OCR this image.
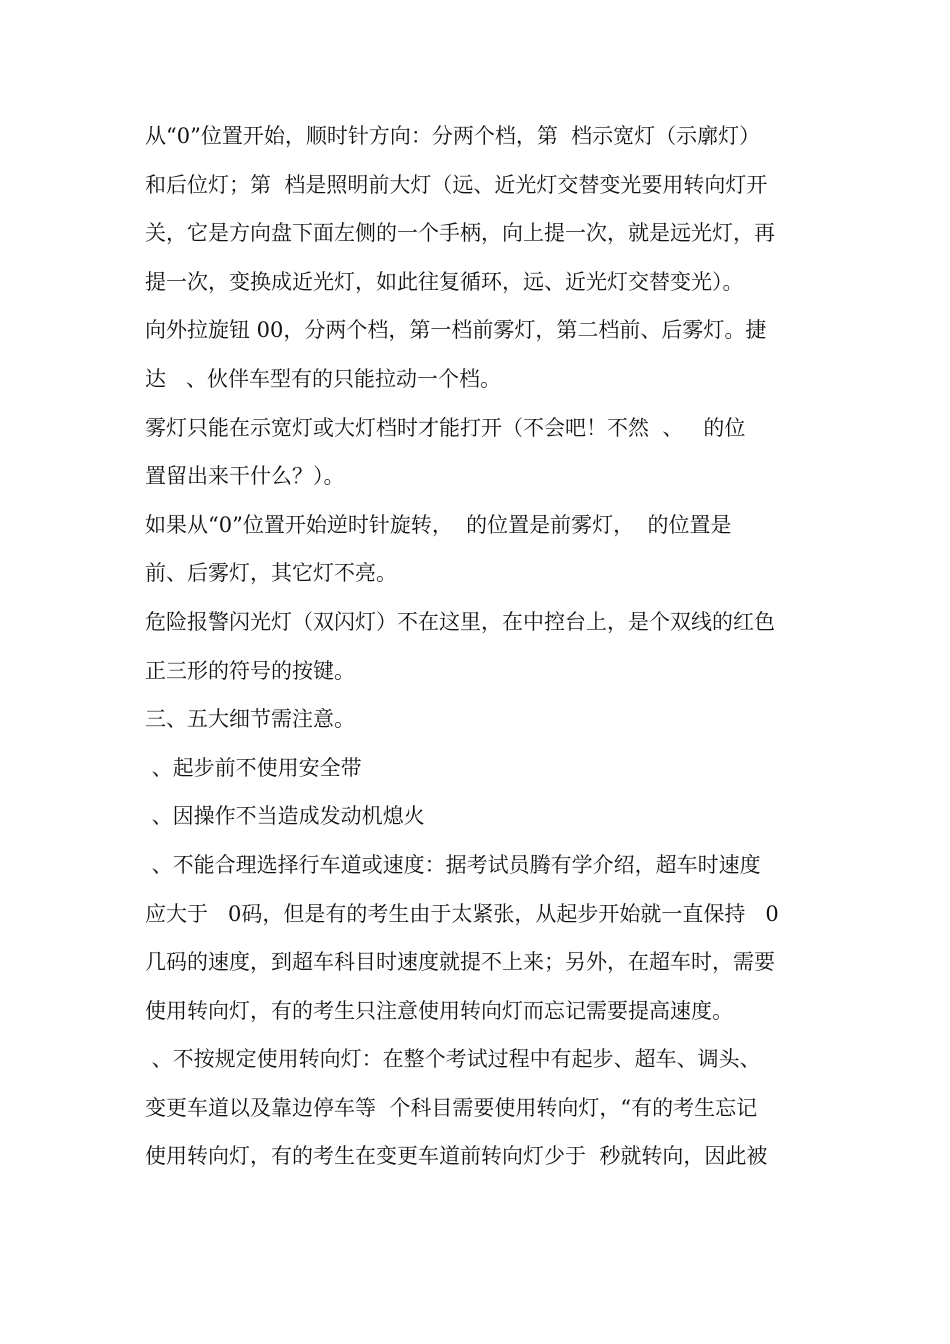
从“0”位置开始，顺时针方向：分两个档，第  档示宽灯（示廓灯）
和后位灯；第  档是照明前大灯（远、近光灯交替变光要用转向灯开
关，它是方向盘下面左侧的一个手柄，向上提一次，就是远光灯，再
提一次，变换成近光灯，如此往复循环，远、近光灯交替变光）。
向外拉旋钮 00，分两个档，第一档前雾灯，第二档前、后雾灯。捷
达   、伙伴车型有的只能拉动一个档。
雾灯只能在示宽灯或大灯档时才能打开（不会吧！不然  、   的位
置留出来干什么？）。
如果从“0”位置开始逆时针旋转，  的位置是前雾灯，  的位置是
前、后雾灯，其它灯不亮。
危险报警闪光灯（双闪灯）不在这里，在中控台上，是个双线的红色
正三形的符号的按键。
三、五大细节需注意。
、起步前不使用安全带
、因操作不当造成发动机熄火
、不能合理选择行车道或速度：据考试员腾有学介绍，超车时速度
应大于   0码，但是有的考生由于太紧张，从起步开始就一直保持   0
几码的速度，到超车科目时速度就提不上来；另外，在超车时，需要
使用转向灯，有的考生只注意使用转向灯而忘记需要提高速度。
、不按规定使用转向灯：在整个考试过程中有起步、超车、调头、
变更车道以及靠边停车等  个科目需要使用转向灯，“有的考生忘记
使用转向灯，有的考生在变更车道前转向灯少于  秒就转向，因此被
